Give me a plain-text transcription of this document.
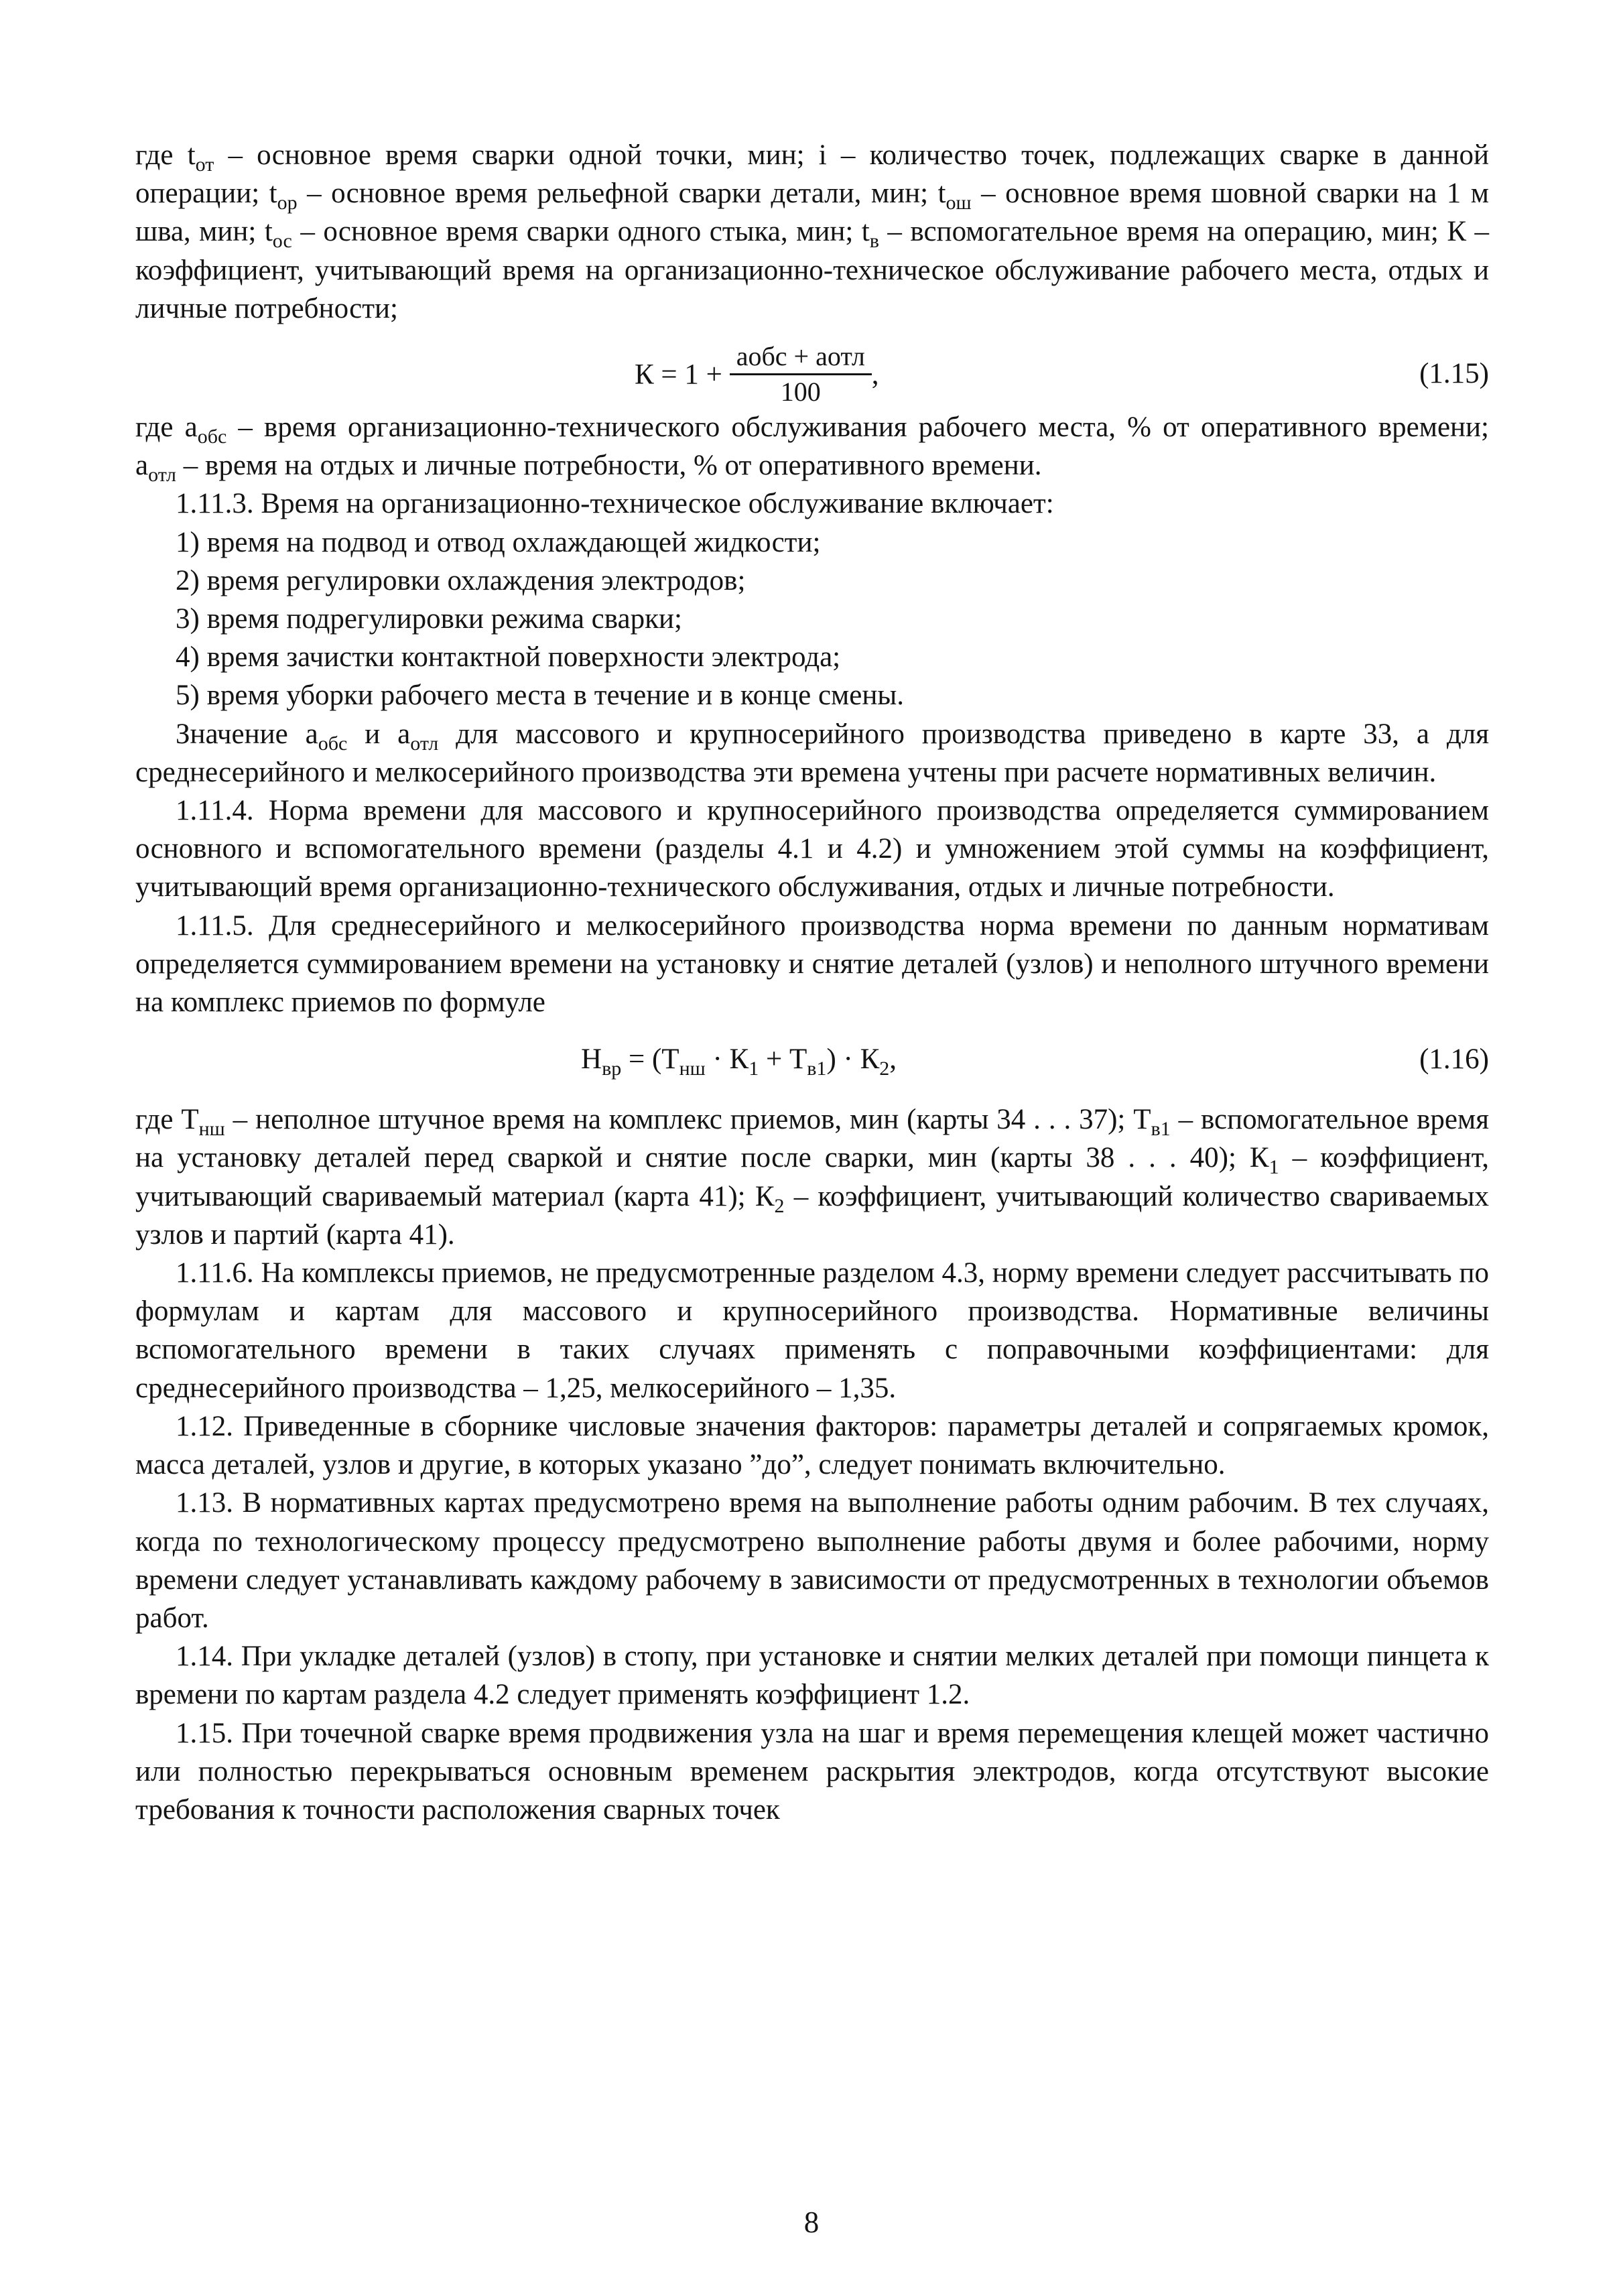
где $t_{от}$ – основное время сварки одной точки, мин; i – количество точек, подлежащих сварке в данной операции; $t_{ор}$ – основное время рельефной сварки детали, мин; $t_{ош}$ – основное время шовной сварки на 1 м шва, мин; $t_{ос}$ – основное время сварки одного стыка, мин; $t_в$ – вспомогательное время на операцию, мин; К – коэффициент, учитывающий время на организационно-техническое обслуживание рабочего места, отдых и личные потребности;

$К = 1 + \frac{\text{aобс + aотл}}{100}$ ,	(1.15)

где $a_{обс}$ – время организационно-технического обслуживания рабочего места, % от оперативного времени; $a_{отл}$ – время на отдых и личные потребности, % от оперативного времени.

1.11.3. Время на организационно-техническое обслуживание включает:

1) время на подвод и отвод охлаждающей жидкости;

2) время регулировки охлаждения электродов;

3) время подрегулировки режима сварки;

4) время зачистки контактной поверхности электрода;

5) время уборки рабочего места в течение и в конце смены.

Значение $a_{обс}$ и $a_{отл}$ для массового и крупносерийного производства приведено в карте 33, а для среднесерийного и мелкосерийного производства эти времена учтены при расчете нормативных величин.

1.11.4. Норма времени для массового и крупносерийного производства определяется суммированием основного и вспомогательного времени (разделы 4.1 и 4.2) и умножением этой суммы на коэффициент, учитывающий время организационно-технического обслуживания, отдых и личные потребности.

1.11.5. Для среднесерийного и мелкосерийного производства норма времени по данным нормативам определяется суммированием времени на установку и снятие деталей (узлов) и неполного штучного времени на комплекс приемов по формуле

$Н_{вр} = (Т_{нш} \cdot К_1 + Т_{в1}) \cdot К_2$,	(1.16)

где $Т_{нш}$ – неполное штучное время на комплекс приемов, мин (карты 34 . . . 37); $Т_{в1}$ – вспомогательное время на установку деталей перед сваркой и снятие после сварки, мин (карты 38 . . . 40); $К_1$ – коэффициент, учитывающий свариваемый материал (карта 41); $К_2$ – коэффициент, учитывающий количество свариваемых узлов и партий (карта 41).

1.11.6. На комплексы приемов, не предусмотренные разделом 4.3, норму времени следует рассчитывать по формулам и картам для массового и крупносерийного производства. Нормативные величины вспомогательного времени в таких случаях применять с поправочными коэффициентами: для среднесерийного производства – 1,25, мелкосерийного – 1,35.

1.12. Приведенные в сборнике числовые значения факторов: параметры деталей и сопрягаемых кромок, масса деталей, узлов и другие, в которых указано ”до”, следует понимать включительно.

1.13. В нормативных картах предусмотрено время на выполнение работы одним рабочим. В тех случаях, когда по технологическому процессу предусмотрено выполнение работы двумя и более рабочими, норму времени следует устанавливать каждому рабочему в зависимости от предусмотренных в технологии объемов работ.

1.14. При укладке деталей (узлов) в стопу, при установке и снятии мелких деталей при помощи пинцета к времени по картам раздела 4.2 следует применять коэффициент 1.2.

1.15. При точечной сварке время продвижения узла на шаг и время перемещения клещей может частично или полностью перекрываться основным временем раскрытия электродов, когда отсутствуют высокие требования к точности расположения сварных точек

8
